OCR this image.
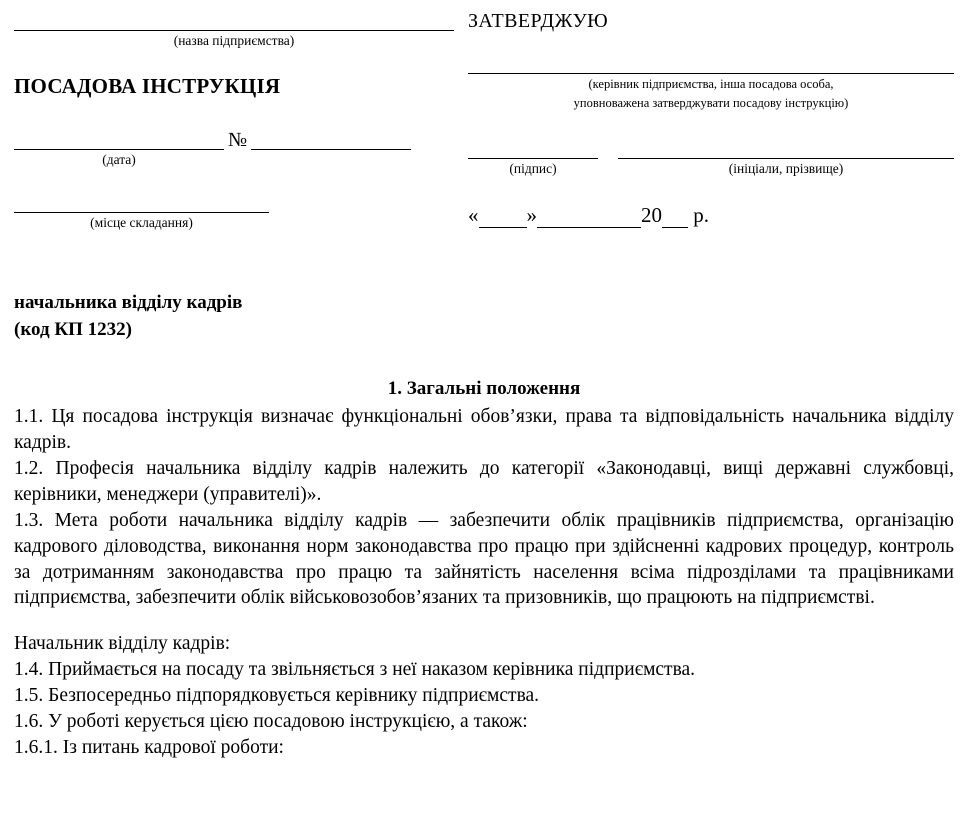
(назва підприємства)
ПОСАДОВА ІНСТРУКЦІЯ
№
(дата)
(місце складання)
ЗАТВЕРДЖУЮ
(керівник підприємства, інша посадова особа,
уповноважена затверджувати посадову інструкцію)
(підпис)	(ініціали, прізвище)
« »	20 р.
начальника відділу кадрів
(код КП 1232)
1. Загальні положення

1.1. Ця посадова інструкція визначає функціональні обов’язки, права та відповідальність начальника відділу кадрів.

1.2. Професія начальника відділу кадрів належить до категорії «Законодавці, вищі державні службовці, керівники, менеджери (управителі)».

1.3. Мета роботи начальника відділу кадрів — забезпечити облік працівників підприємства, організацію кадрового діловодства, виконання норм законодавства про працю при здійсненні кадрових процедур, контроль за дотриманням законодавства про працю та зайнятість населення всіма підрозділами та працівниками підприємства, забезпечити облік військовозобов’язаних та призовників, що працюють на підприємстві.

Начальник відділу кадрів:

1.4. Приймається на посаду та звільняється з неї наказом керівника підприємства.

1.5. Безпосередньо підпорядковується керівнику підприємства.

1.6. У роботі керується цією посадовою інструкцією, а також:

1.6.1. Із питань кадрової роботи:
